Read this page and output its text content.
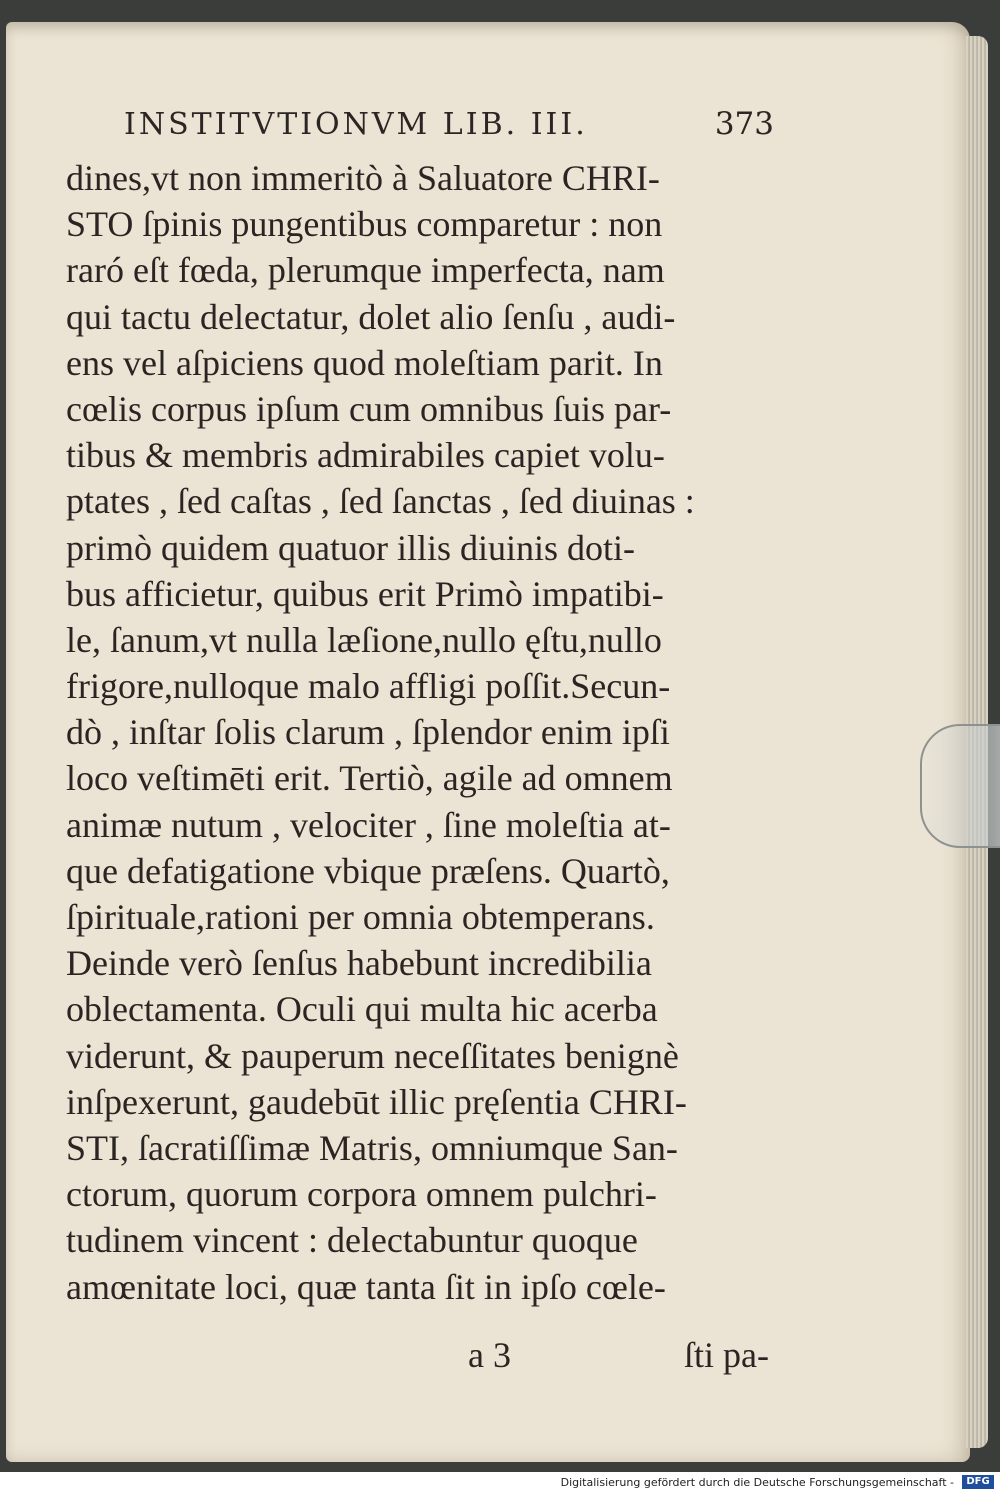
INSTITVTIONVM LIB. III.	373
dines,vt non immeritò à Saluatore CHRI-
STO ſpinis pungentibus comparetur : non
raró eſt fœda, plerumque imperfecta, nam
qui tactu delectatur, dolet alio ſenſu , audi-
ens vel aſpiciens quod moleſtiam parit. In
cœlis corpus ipſum cum omnibus ſuis par-
tibus & membris admirabiles capiet volu-
ptates , ſed caſtas , ſed ſanctas , ſed diuinas :
primò quidem quatuor illis diuinis doti-
bus afficietur, quibus erit Primò impatibi-
le, ſanum,vt nulla læſione,nullo ęſtu,nullo
frigore,nulloque malo affligi poſſit.Secun-
dò , inſtar ſolis clarum , ſplendor enim ipſi
loco veſtimēti erit. Tertiò, agile ad omnem
animæ nutum , velociter , ſine moleſtia at-
que defatigatione vbique præſens. Quartò,
ſpirituale,rationi per omnia obtemperans.
Deinde verò ſenſus habebunt incredibilia
oblectamenta. Oculi qui multa hic acerba
viderunt, & pauperum neceſſitates benignè
inſpexerunt, gaudebūt illic pręſentia CHRI-
STI, ſacratiſſimæ Matris, omniumque San-
ctorum, quorum corpora omnem pulchri-
tudinem vincent : delectabuntur quoque
amœnitate loci, quæ tanta ſit in ipſo cœle-
a 3	ſti pa-
Digitalisierung gefördert durch die Deutsche Forschungsgemeinschaft -	DFG
